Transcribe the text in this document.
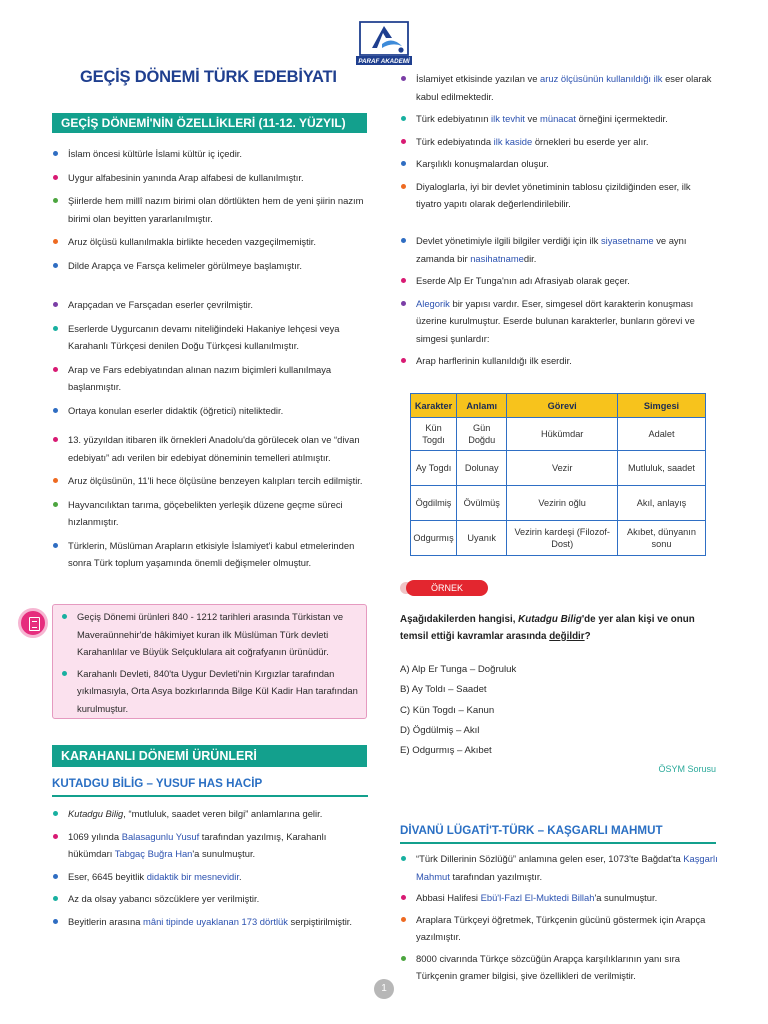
PARAF AKADEMİ
GEÇİŞ DÖNEMİ TÜRK EDEBİYATI
GEÇİŞ DÖNEMİ'NİN ÖZELLİKLERİ (11-12. YÜZYIL)
İslam öncesi kültürle İslami kültür iç içedir.
Uygur alfabesinin yanında Arap alfabesi de kullanılmıştır.
Şiirlerde hem millî nazım birimi olan dörtlükten hem de yeni şiirin nazım birimi olan beyitten yararlanılmıştır.
Aruz ölçüsü kullanılmakla birlikte heceden vazgeçilmemiştir.
Dilde Arapça ve Farsça kelimeler görülmeye başlamıştır.
Arapçadan ve Farsçadan eserler çevrilmiştir.
Eserlerde Uygurcanın devamı niteliğindeki Hakaniye lehçesi veya Karahanlı Türkçesi denilen Doğu Türkçesi kullanılmıştır.
Arap ve Fars edebiyatından alınan nazım biçimleri kullanılmaya başlanmıştır.
Ortaya konulan eserler didaktik (öğretici) niteliktedir.
13. yüzyıldan itibaren ilk örnekleri Anadolu'da görülecek olan ve “divan edebiyatı” adı verilen bir edebiyat döneminin temelleri atılmıştır.
Aruz ölçüsünün, 11'li hece ölçüsüne benzeyen kalıpları tercih edilmiştir.
Hayvancılıktan tarıma, göçebelikten yerleşik düzene geçme süreci hızlanmıştır.
Türklerin, Müslüman Arapların etkisiyle İslamiyet'i kabul etmelerinden sonra Türk toplum yaşamında önemli değişmeler olmuştur.
Geçiş Dönemi ürünleri 840 - 1212 tarihleri arasında Türkistan ve Maveraünnehir'de hâkimiyet kuran ilk Müslüman Türk devleti Karahanlılar ve Büyük Selçuklulara ait coğrafyanın ürünüdür.
Karahanlı Devleti, 840'ta Uygur Devleti'nin Kırgızlar tarafından yıkılmasıyla, Orta Asya bozkırlarında Bilge Kül Kadir Han tarafından kurulmuştur.
KARAHANLI DÖNEMİ ÜRÜNLERİ
KUTADGU BİLİG – YUSUF HAS HACİP
Kutadgu Bilig, “mutluluk, saadet veren bilgi” anlamlarına gelir.
1069 yılında Balasagunlu Yusuf tarafından yazılmış, Karahanlı hükümdarı Tabgaç Buğra Han'a sunulmuştur.
Eser, 6645 beyitlik didaktik bir mesnevidir.
Az da olsay yabancı sözcüklere yer verilmiştir.
Beyitlerin arasına mâni tipinde uyaklanan 173 dörtlük serpiştirilmiştir.
İslamiyet etkisinde yazılan ve aruz ölçüsünün kullanıldığı ilk eser olarak kabul edilmektedir.
Türk edebiyatının ilk tevhit ve münacat örneğini içermektedir.
Türk edebiyatında ilk kaside örnekleri bu eserde yer alır.
Karşılıklı konuşmalardan oluşur.
Diyaloglarla, iyi bir devlet yönetiminin tablosu çizildiğinden eser, ilk tiyatro yapıtı olarak değerlendirilebilir.
Devlet yönetimiyle ilgili bilgiler verdiği için ilk siyasetname ve aynı zamanda bir nasihatnamedir.
Eserde Alp Er Tunga'nın adı Afrasiyab olarak geçer.
Alegorik bir yapısı vardır. Eser, simgesel dört karakterin konuşması üzerine kurulmuştur. Eserde bulunan karakterler, bunların görevi ve simgesi şunlardır:
Arap harflerinin kullanıldığı ilk eserdir.
Karakter	Anlamı	Görevi	Simgesi
Kün Togdı	Gün Doğdu	Hükümdar	Adalet
Ay Togdı	Dolunay	Vezir	Mutluluk, saadet
Ögdilmiş	Övülmüş	Vezirin oğlu	Akıl, anlayış
Odgurmış	Uyanık	Vezirin kardeşi (Filozof-Dost)	Akıbet, dünyanın sonu
ÖRNEK
Aşağıdakilerden hangisi, Kutadgu Bilig'de yer alan kişi ve onun temsil ettiği kavramlar arasında değildir?
A) Alp Er Tunga – Doğruluk
B) Ay Toldı – Saadet
C) Kün Togdı – Kanun
D) Ögdülmiş – Akıl
E) Odgurmış – Akıbet
ÖSYM Sorusu
DİVANÜ LÜGATİ'T-TÜRK – KAŞGARLI MAHMUT
“Türk Dillerinin Sözlüğü” anlamına gelen eser, 1073'te Bağdat'ta Kaşgarlı Mahmut tarafından yazılmıştır.
Abbasi Halifesi Ebü'l-Fazl El-Muktedi Billah'a sunulmuştur.
Araplara Türkçeyi öğretmek, Türkçenin gücünü göstermek için Arapça yazılmıştır.
8000 civarında Türkçe sözcüğün Arapça karşılıklarının yanı sıra Türkçenin gramer bilgisi, şive özellikleri de verilmiştir.
1
